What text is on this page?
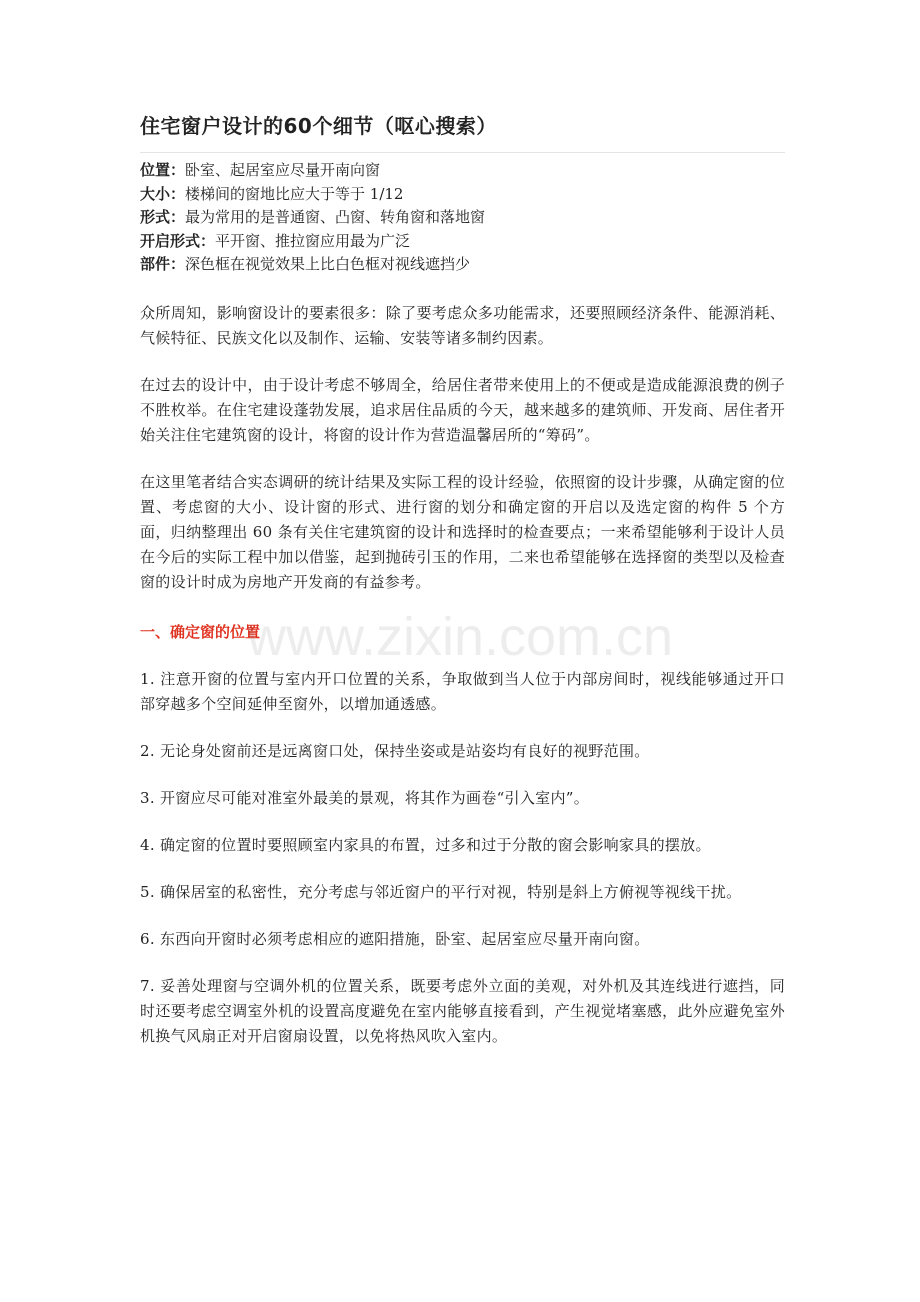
住宅窗户设计的60个细节（呕心搜索）
位置：卧室、起居室应尽量开南向窗
大小：楼梯间的窗地比应大于等于 1/12
形式：最为常用的是普通窗、凸窗、转角窗和落地窗
开启形式：平开窗、推拉窗应用最为广泛
部件：深色框在视觉效果上比白色框对视线遮挡少

众所周知，影响窗设计的要素很多：除了要考虑众多功能需求，还要照顾经济条件、能源消耗、气候特征、民族文化以及制作、运输、安装等诸多制约因素。

在过去的设计中，由于设计考虑不够周全，给居住者带来使用上的不便或是造成能源浪费的例子不胜枚举。在住宅建设蓬勃发展，追求居住品质的今天，越来越多的建筑师、开发商、居住者开始关注住宅建筑窗的设计，将窗的设计作为营造温馨居所的“筹码”。

在这里笔者结合实态调研的统计结果及实际工程的设计经验，依照窗的设计步骤，从确定窗的位置、考虑窗的大小、设计窗的形式、进行窗的划分和确定窗的开启以及选定窗的构件 5 个方面，归纳整理出 60 条有关住宅建筑窗的设计和选择时的检查要点；一来希望能够利于设计人员在今后的实际工程中加以借鉴，起到抛砖引玉的作用，二来也希望能够在选择窗的类型以及检查窗的设计时成为房地产开发商的有益参考。

一、确定窗的位置

1. 注意开窗的位置与室内开口位置的关系，争取做到当人位于内部房间时，视线能够通过开口部穿越多个空间延伸至窗外，以增加通透感。

2. 无论身处窗前还是远离窗口处，保持坐姿或是站姿均有良好的视野范围。

3. 开窗应尽可能对准室外最美的景观，将其作为画卷“引入室内”。

4. 确定窗的位置时要照顾室内家具的布置，过多和过于分散的窗会影响家具的摆放。

5. 确保居室的私密性，充分考虑与邻近窗户的平行对视，特别是斜上方俯视等视线干扰。

6. 东西向开窗时必须考虑相应的遮阳措施，卧室、起居室应尽量开南向窗。

7. 妥善处理窗与空调外机的位置关系，既要考虑外立面的美观，对外机及其连线进行遮挡，同时还要考虑空调室外机的设置高度避免在室内能够直接看到，产生视觉堵塞感，此外应避免室外机换气风扇正对开启窗扇设置，以免将热风吹入室内。

www.zixin.com.cn
